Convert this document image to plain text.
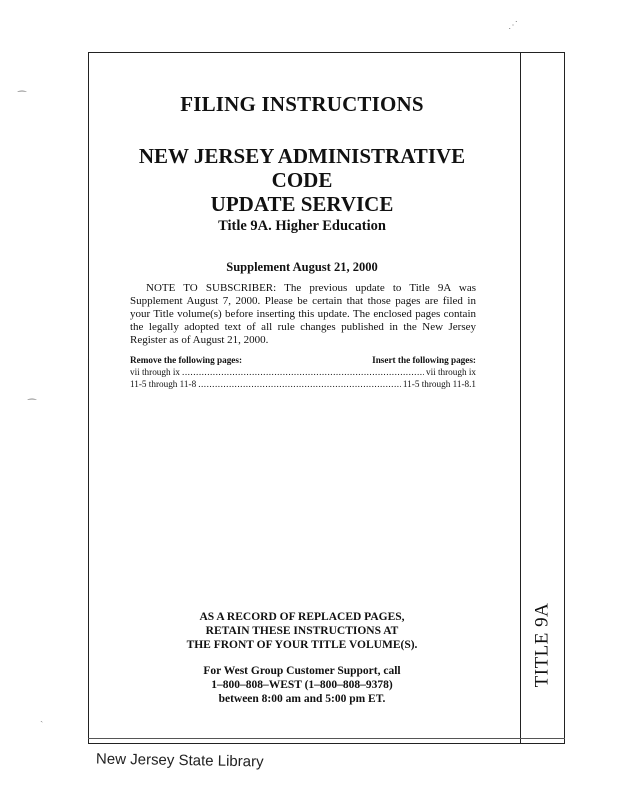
FILING INSTRUCTIONS
NEW JERSEY ADMINISTRATIVE CODE
UPDATE SERVICE
Title 9A. Higher Education
Supplement August 21, 2000
NOTE TO SUBSCRIBER: The previous update to Title 9A was Supplement August 7, 2000. Please be certain that those pages are filed in your Title volume(s) before inserting this update. The enclosed pages contain the legally adopted text of all rule changes published in the New Jersey Register as of August 21, 2000.
Remove the following pages:	Insert the following pages:
vii through ix .....	vii through ix
11-5 through 11-8 .....	11-5 through 11-8.1
AS A RECORD OF REPLACED PAGES,
RETAIN THESE INSTRUCTIONS AT
THE FRONT OF YOUR TITLE VOLUME(S).
For West Group Customer Support, call
1–800–808–WEST (1–800–808–9378)
between 8:00 am and 5:00 pm ET.
TITLE 9A
New Jersey State Library
⁀
⁀
ˏ
⋰
